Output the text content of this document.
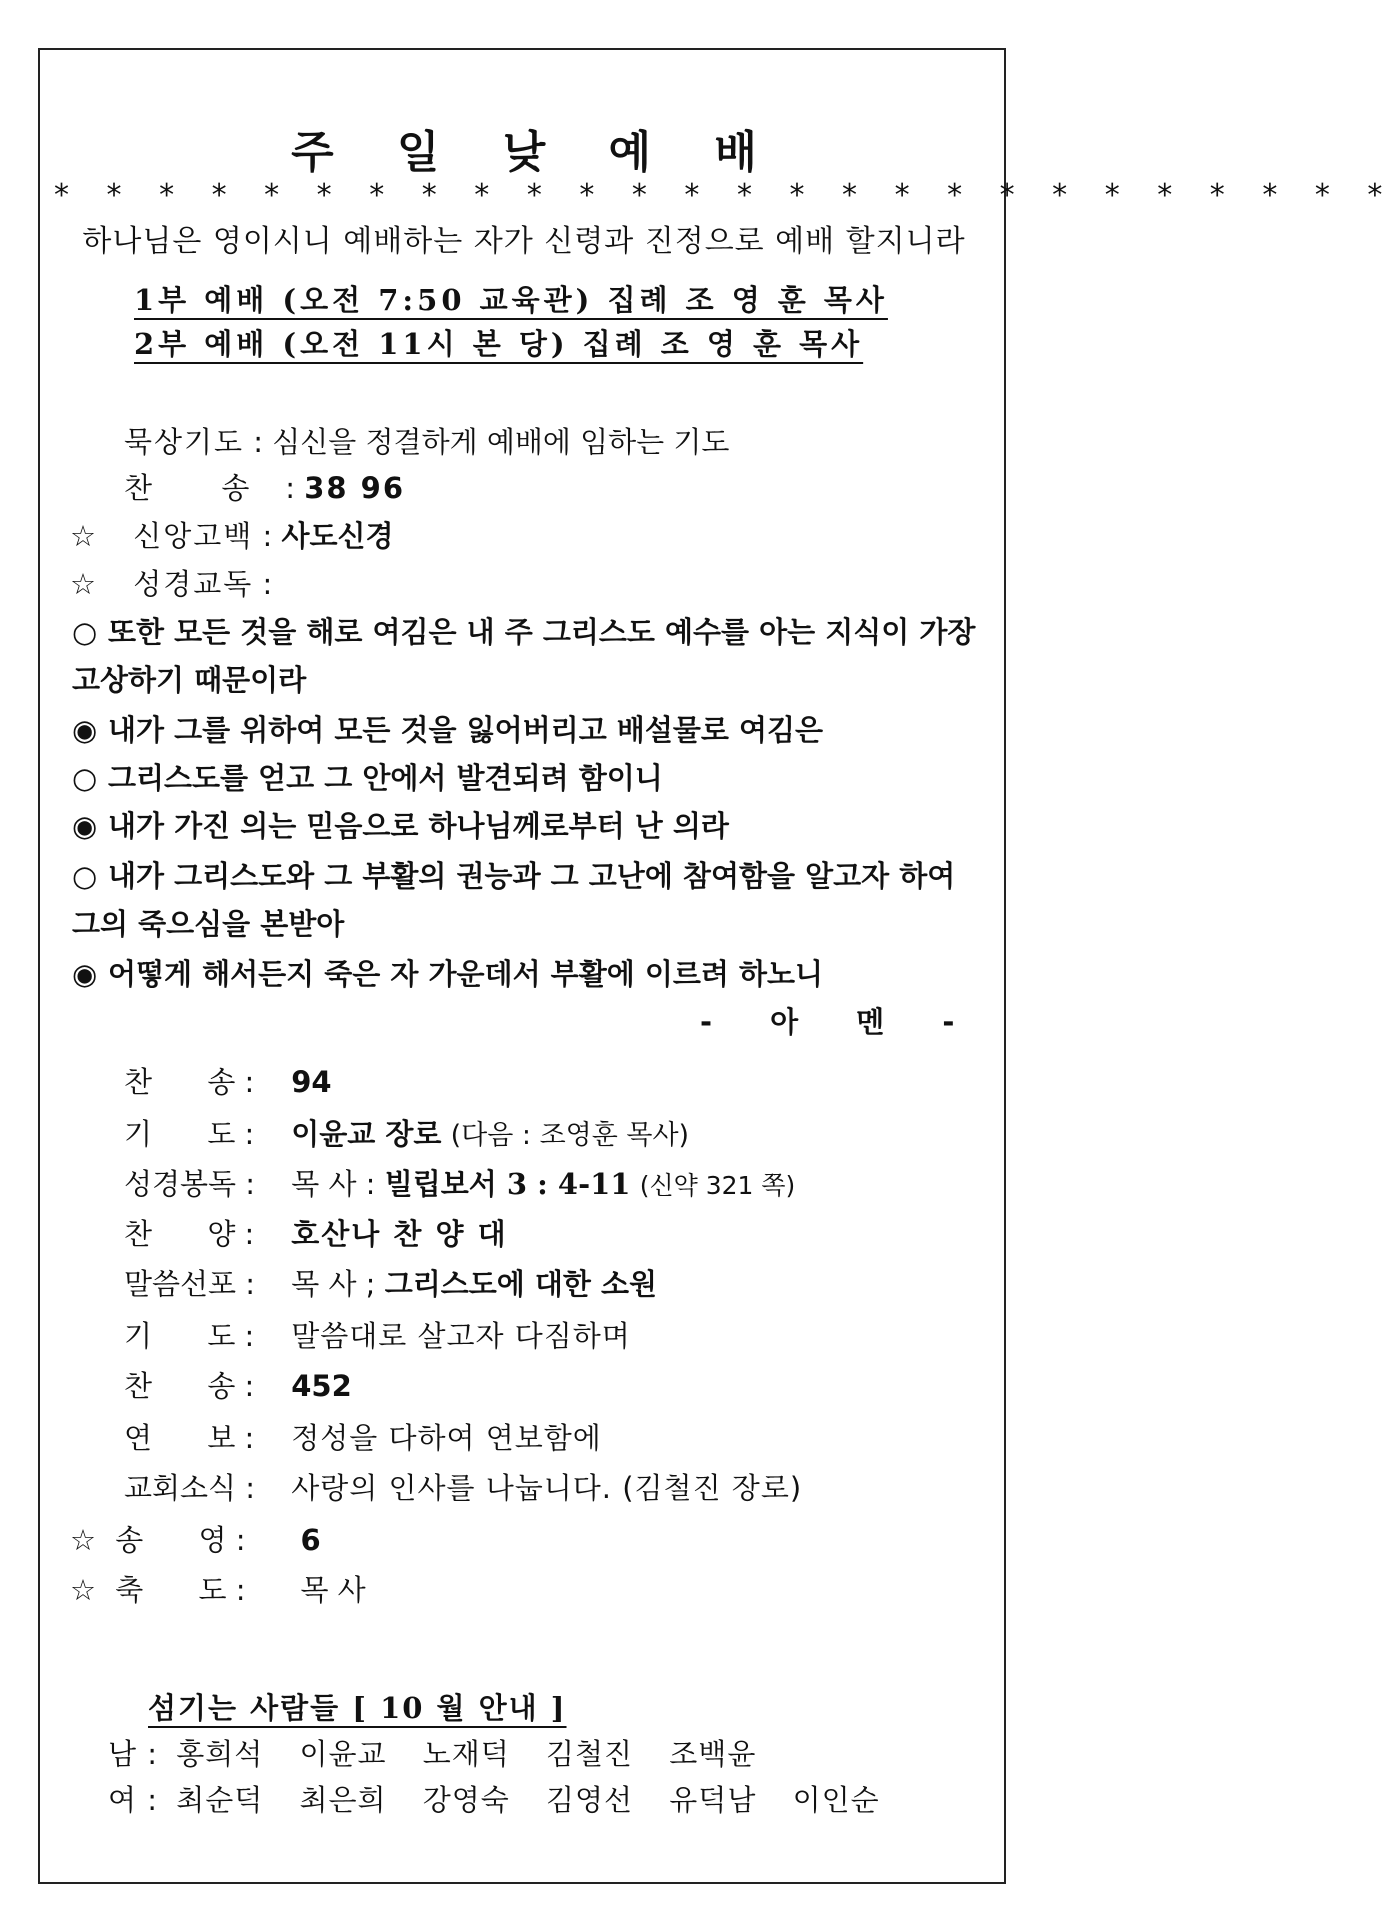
주 일 낮 예 배
* * * * * * * * * * * * * * * * * * * * * * * * * *
하나님은 영이시니 예배하는 자가 신령과 진정으로 예배 할지니라
1부 예배 (오전 7:50 교육관) 집례 조 영 훈 목사
2부 예배 (오전 11시 본 당) 집례 조 영 훈 목사
묵상기도 : 심신을 정결하게 예배에 임하는 기도
찬      송 : 38 96
☆ 신앙고백 : 사도신경
☆ 성경교독 :
○ 또한 모든 것을 해로 여김은 내 주 그리스도 예수를 아는 지식이 가장
고상하기 때문이라
◉ 내가 그를 위하여 모든 것을 잃어버리고 배설물로 여김은
○ 그리스도를 얻고 그 안에서 발견되려 함이니
◉ 내가 가진 의는 믿음으로 하나님께로부터 난 의라
○ 내가 그리스도와 그 부활의 권능과 그 고난에 참여함을 알고자 하여
그의 죽으심을 본받아
◉ 어떻게 해서든지 죽은 자 가운데서 부활에 이르려 하노니
- 아 멘 -
찬      송 : 94
기      도 : 이윤교 장로 (다음 : 조영훈 목사)
성경봉독 : 목 사 : 빌립보서 3 : 4-11 (신약 321 쪽)
찬      양 : 호산나 찬 양 대
말씀선포 : 목 사 ; 그리스도에 대한 소원
기      도 : 말씀대로 살고자 다짐하며
찬      송 : 452
연      보 : 정성을 다하여 연보함에
교회소식 : 사랑의 인사를 나눕니다. (김철진 장로)
☆ 송      영 : 6
☆ 축      도 : 목 사
섬기는 사람들 [ 10 월 안내 ]
남 : 홍희석 이윤교 노재덕 김철진 조백윤
여 : 최순덕 최은희 강영숙 김영선 유덕남 이인순
